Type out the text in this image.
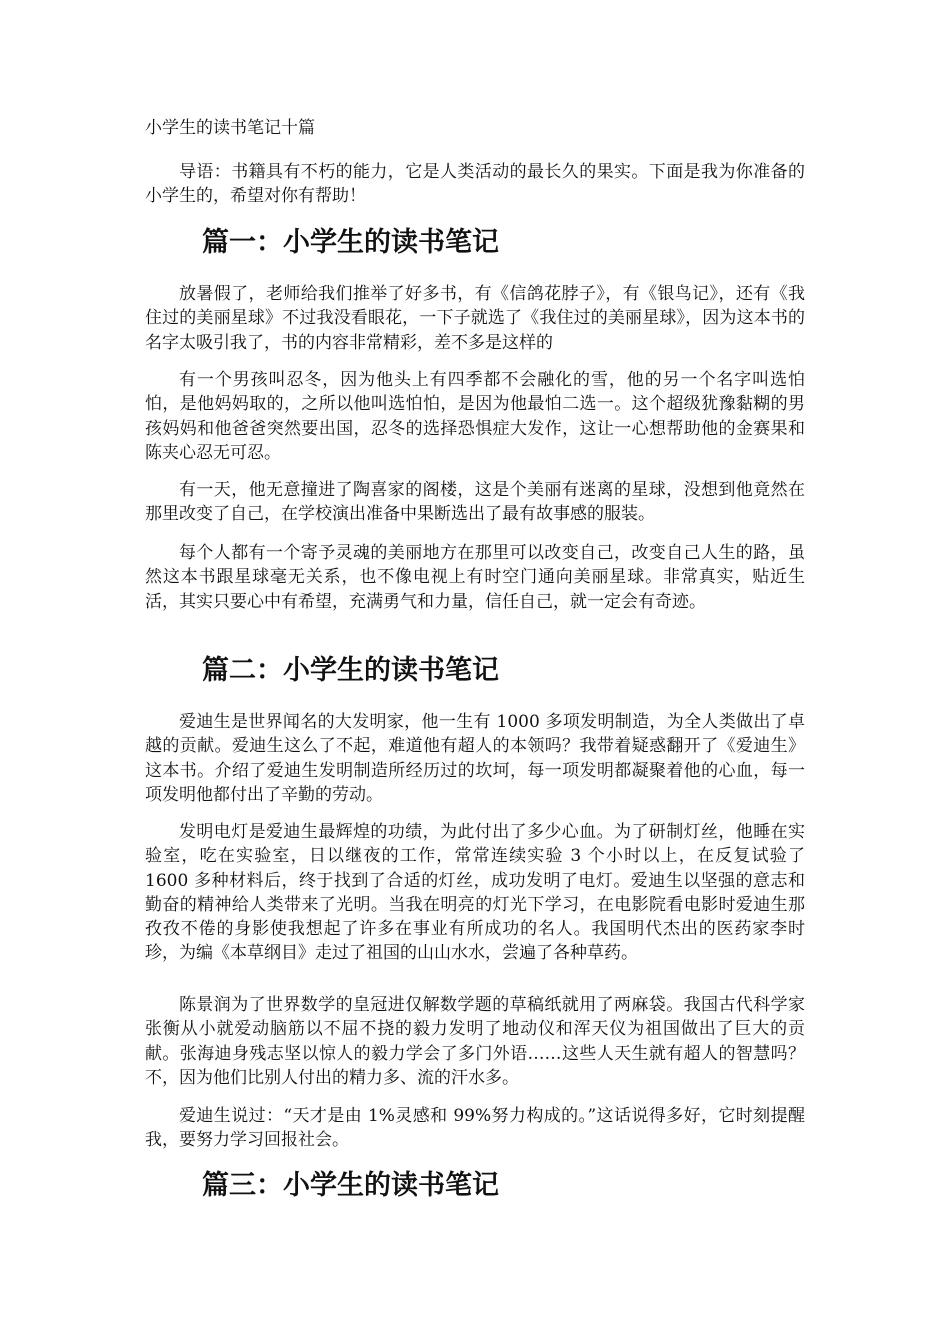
小学生的读书笔记十篇

导语：书籍具有不朽的能力，它是人类活动的最长久的果实。下面是我为你准备的小学生的，希望对你有帮助！

篇一：小学生的读书笔记

放暑假了，老师给我们推举了好多书，有《信鸽花脖子》，有《银鸟记》，还有《我住过的美丽星球》不过我没看眼花，一下子就选了《我住过的美丽星球》，因为这本书的名字太吸引我了，书的内容非常精彩，差不多是这样的

有一个男孩叫忍冬，因为他头上有四季都不会融化的雪，他的另一个名字叫选怕怕，是他妈妈取的，之所以他叫选怕怕，是因为他最怕二选一。这个超级犹豫黏糊的男孩妈妈和他爸爸突然要出国，忍冬的选择恐惧症大发作，这让一心想帮助他的金赛果和陈夹心忍无可忍。

有一天，他无意撞进了陶喜家的阁楼，这是个美丽有迷离的星球，没想到他竟然在那里改变了自己，在学校演出准备中果断选出了最有故事感的服装。

每个人都有一个寄予灵魂的美丽地方在那里可以改变自己，改变自己人生的路，虽然这本书跟星球毫无关系，也不像电视上有时空门通向美丽星球。非常真实，贴近生活，其实只要心中有希望，充满勇气和力量，信任自己，就一定会有奇迹。

篇二：小学生的读书笔记

爱迪生是世界闻名的大发明家，他一生有 1000 多项发明制造，为全人类做出了卓越的贡献。爱迪生这么了不起，难道他有超人的本领吗？我带着疑惑翻开了《爱迪生》这本书。介绍了爱迪生发明制造所经历过的坎坷，每一项发明都凝聚着他的心血，每一项发明他都付出了辛勤的劳动。

发明电灯是爱迪生最辉煌的功绩，为此付出了多少心血。为了研制灯丝，他睡在实验室，吃在实验室，日以继夜的工作，常常连续实验 3 个小时以上，在反复试验了 1600 多种材料后，终于找到了合适的灯丝，成功发明了电灯。爱迪生以坚强的意志和勤奋的精神给人类带来了光明。当我在明亮的灯光下学习，在电影院看电影时爱迪生那孜孜不倦的身影使我想起了许多在事业有所成功的名人。我国明代杰出的医药家李时珍，为编《本草纲目》走过了祖国的山山水水，尝遍了各种草药。

陈景润为了世界数学的皇冠进仅解数学题的草稿纸就用了两麻袋。我国古代科学家张衡从小就爱动脑筋以不屈不挠的毅力发明了地动仪和浑天仪为祖国做出了巨大的贡献。张海迪身残志坚以惊人的毅力学会了多门外语……这些人天生就有超人的智慧吗？不，因为他们比别人付出的精力多、流的汗水多。

爱迪生说过：“天才是由 1%灵感和 99%努力构成的。”这话说得多好，它时刻提醒我，要努力学习回报社会。

篇三：小学生的读书笔记
